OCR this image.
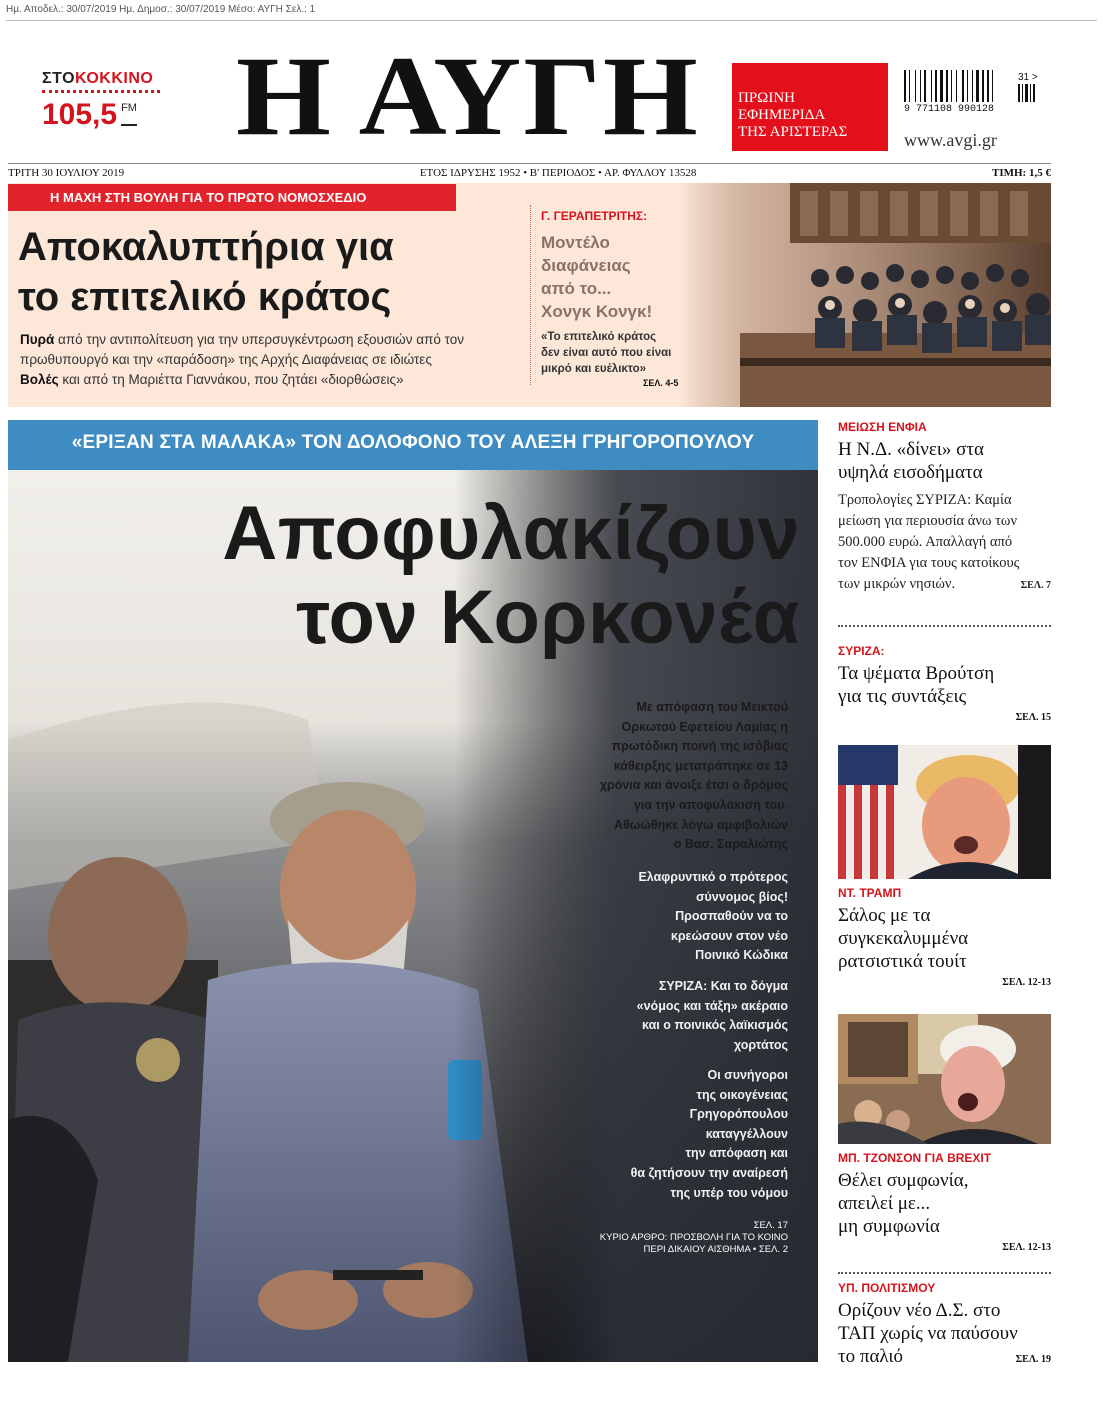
Ημ. Αποδελ.: 30/07/2019 Ημ. Δημοσ.: 30/07/2019 Μέσο: ΑΥΓΗ Σελ.: 1
ΣΤΟΚΟΚΚΙΝΟ
105,5 FM Η ΑΥΓΗ	ΠΡΩΙΝΗ
ΕΦΗΜΕΡΙΔΑ
ΤΗΣ ΑΡΙΣΤΕΡΑΣ
9 771108 990128
31 >
www.avgi.gr
ΤΡΙΤΗ 30 ΙΟΥΛΙΟΥ 2019	ΕΤΟΣ ΙΔΡΥΣΗΣ 1952 • Β' ΠΕΡΙΟΔΟΣ • ΑΡ. ΦΥΛΛΟΥ 13528	ΤΙΜΗ: 1,5 €
Η ΜΑΧΗ ΣΤΗ ΒΟΥΛΗ ΓΙΑ ΤΟ ΠΡΩΤΟ ΝΟΜΟΣΧΕΔΙΟ
Αποκαλυπτήρια για
το επιτελικό κράτος
Πυρά από την αντιπολίτευση για την υπερσυγκέντρωση εξουσιών από τον πρωθυπουργό και την «παράδοση» της Αρχής Διαφάνειας σε ιδιώτες
Βολές και από τη Μαριέττα Γιαννάκου, που ζητάει «διορθώσεις»
Γ. ΓΕΡΑΠΕΤΡΙΤΗΣ:
Μοντέλο
διαφάνειας
από το...
Χονγκ Κονγκ!
«Το επιτελικό κράτος
δεν είναι αυτό που είναι
μικρό και ευέλικτο»
ΣΕΛ. 4-5
«ΕΡΙΞΑΝ ΣΤΑ ΜΑΛΑΚΑ» ΤΟΝ ΔΟΛΟΦΟΝΟ ΤΟΥ ΑΛΕΞΗ ΓΡΗΓΟΡΟΠΟΥΛΟΥ
Αποφυλακίζουν
τον Κορκονέα
Με απόφαση του Μεικτού
Ορκωτού Εφετείου Λαμίας η
πρωτόδικη ποινή της ισόβιας
κάθειρξης μετατράπηκε σε 13
χρόνια και άνοιξε έτσι ο δρόμος
για την αποφυλάκισή του.
Αθωώθηκε λόγω αμφιβολιών
ο Βασ. Σαραλιώτης
Ελαφρυντικό ο πρότερος
σύννομος βίος!
Προσπαθούν να το
κρεώσουν στον νέο
Ποινικό Κώδικα
ΣΥΡΙΖΑ: Και το δόγμα
«νόμος και τάξη» ακέραιο
και ο ποινικός λαϊκισμός
χορτάτος
Οι συνήγοροι
της οικογένειας
Γρηγορόπουλου
καταγγέλλουν
την απόφαση και
θα ζητήσουν την αναίρεσή
της υπέρ του νόμου
ΣΕΛ. 17
ΚΥΡΙΟ ΑΡΘΡΟ: ΠΡΟΣΒΟΛΗ ΓΙΑ ΤΟ ΚΟΙΝΟ
ΠΕΡΙ ΔΙΚΑΙΟΥ ΑΙΣΘΗΜΑ • ΣΕΛ. 2
ΜΕΙΩΣΗ ΕΝΦΙΑ
Η Ν.Δ. «δίνει» στα
υψηλά εισοδήματα
Τροπολογίες ΣΥΡΙΖΑ: Καμία
μείωση για περιουσία άνω των
500.000 ευρώ. Απαλλαγή από
τον ΕΝΦΙΑ για τους κατοίκους
των μικρών νησιών.	ΣΕΛ. 7
ΣΥΡΙΖΑ:
Τα ψέματα Βρούτση
για τις συντάξεις
ΣΕΛ. 15
ΝΤ. ΤΡΑΜΠ
Σάλος με τα
συγκεκαλυμμένα
ρατσιστικά τουίτ
ΣΕΛ. 12-13
ΜΠ. ΤΖΟΝΣΟΝ ΓΙΑ BREXIT
Θέλει συμφωνία,
απειλεί με...
μη συμφωνία
ΣΕΛ. 12-13
ΥΠ. ΠΟΛΙΤΙΣΜΟΥ
Ορίζουν νέο Δ.Σ. στο
ΤΑΠ χωρίς να παύσουν
το παλιό	ΣΕΛ. 19
